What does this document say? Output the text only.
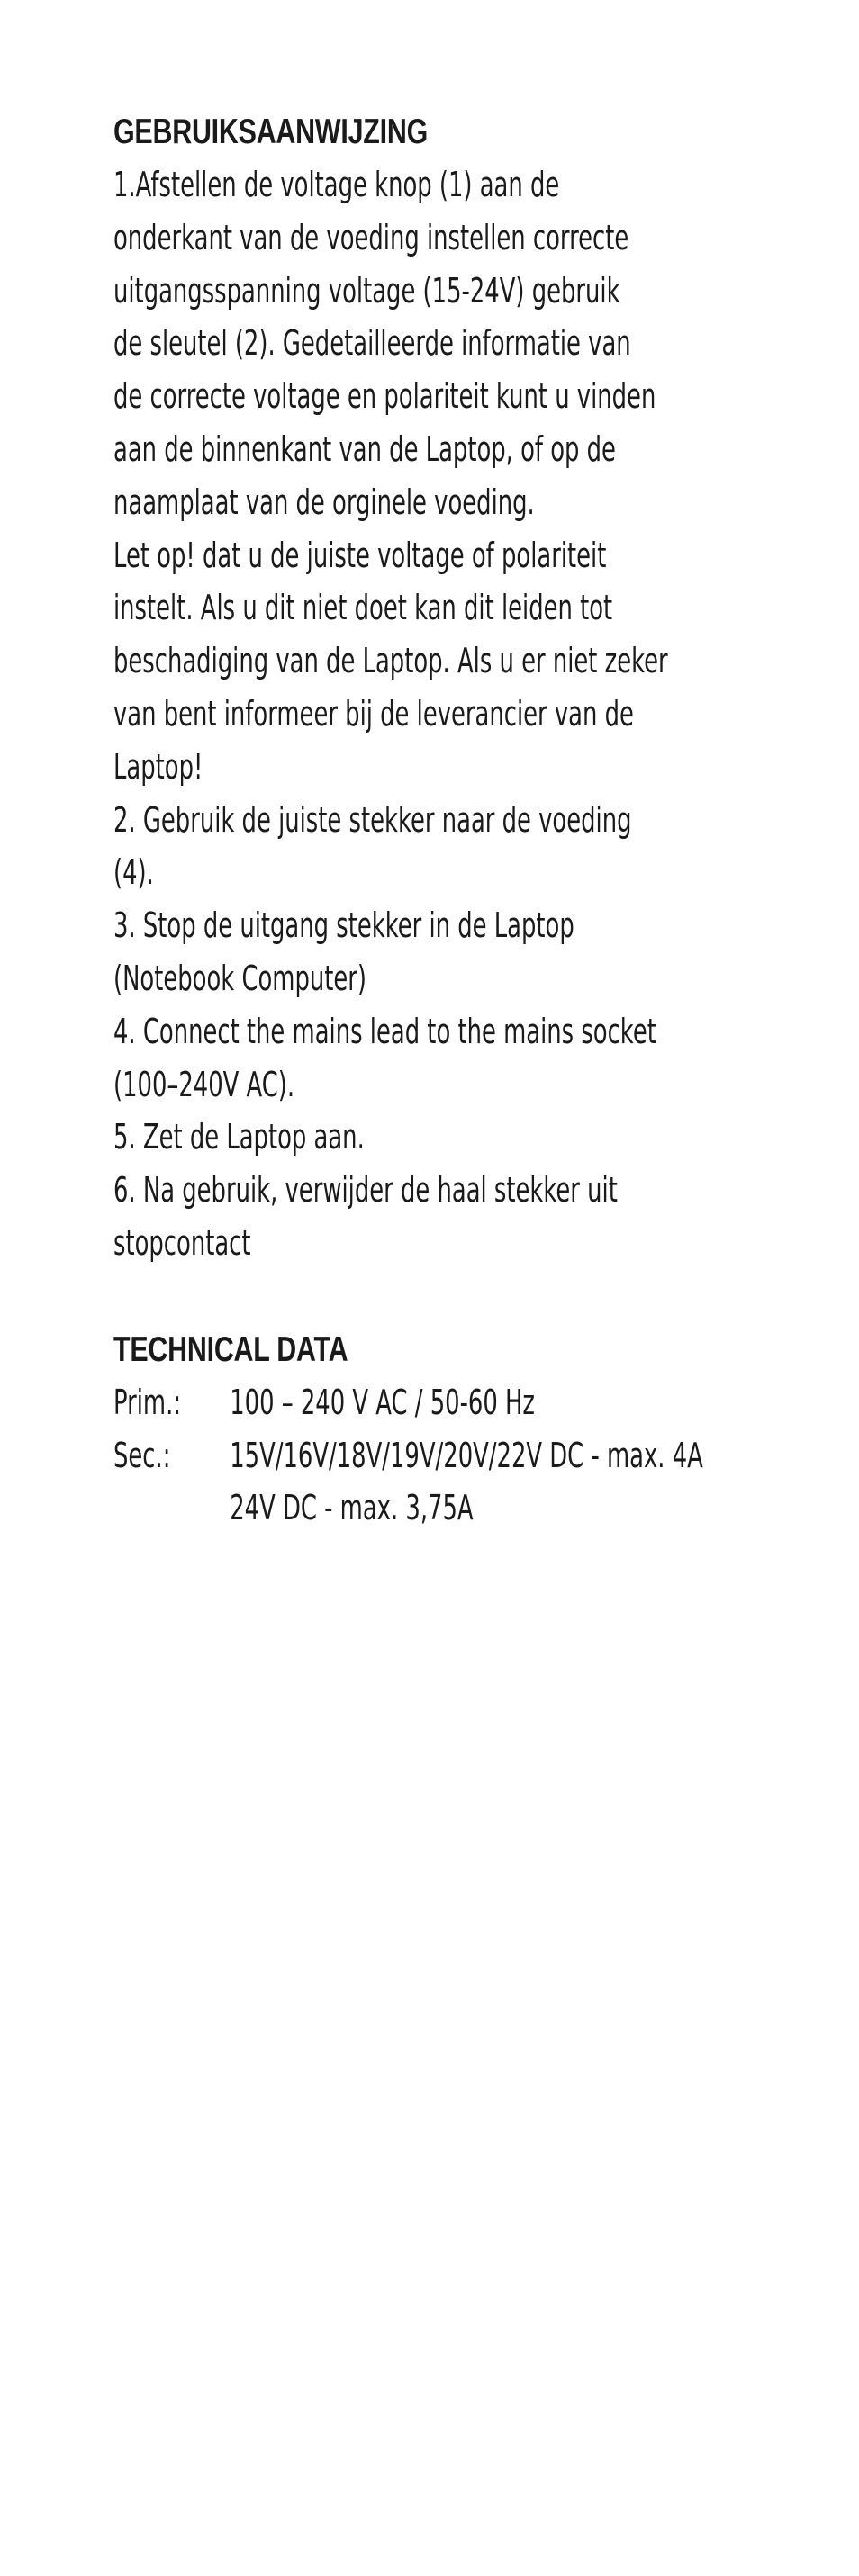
GEBRUIKSAANWIJZING
1.Afstellen de voltage knop (1) aan de
onderkant van de voeding instellen correcte
uitgangsspanning voltage (15-24V) gebruik
de sleutel (2). Gedetailleerde informatie van
de correcte voltage en polariteit kunt u vinden
aan de binnenkant van de Laptop, of op de
naamplaat van de orginele voeding.
Let op! dat u de juiste voltage of polariteit
instelt. Als u dit niet doet kan dit leiden tot
beschadiging van de Laptop. Als u er niet zeker
van bent informeer bij de leverancier van de
Laptop!
2. Gebruik de juiste stekker naar de voeding
(4).
3. Stop de uitgang stekker in de Laptop
(Notebook Computer)
4. Connect the mains lead to the mains socket
(100–240V AC).
5. Zet de Laptop aan.
6. Na gebruik, verwijder de haal stekker uit
stopcontact
TECHNICAL DATA
Prim.: 100 – 240 V AC / 50-60 Hz
Sec.: 15V/16V/18V/19V/20V/22V DC - max. 4A
24V DC - max. 3,75A
